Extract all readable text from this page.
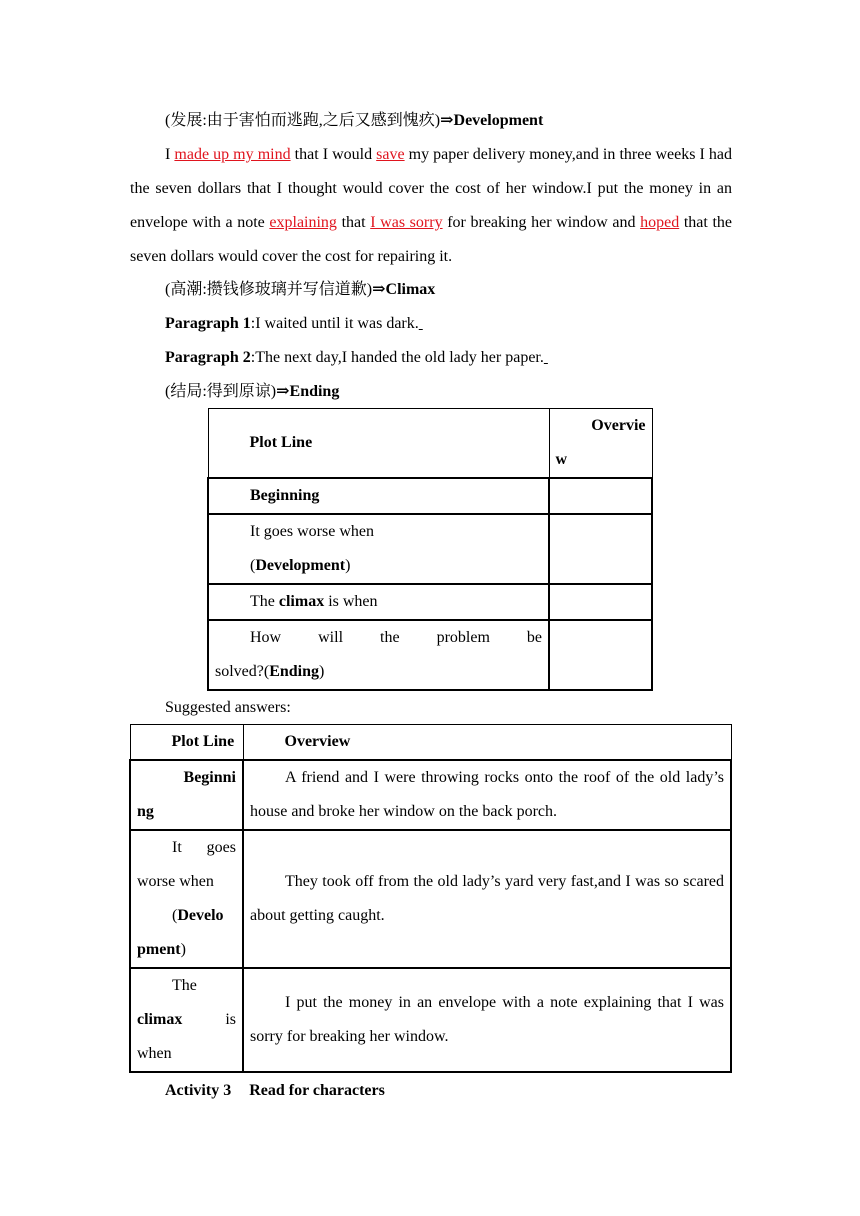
(发展:由于害怕而逃跑,之后又感到愧疚)⇒Development
I made up my mind that I would save my paper delivery money,and in three weeks I had the seven dollars that I thought would cover the cost of her window.I put the money in an envelope with a note explaining that I was sorry for breaking her window and hoped that the seven dollars would cover the cost for repairing it.
(高潮:攒钱修玻璃并写信道歉)⇒Climax
Paragraph 1:I waited until it was dark.
Paragraph 2:The next day,I handed the old lady her paper.
(结局:得到原谅)⇒Ending
Plot Line	Overvie
w

Beginning	

It goes worse when
(Development)	

The climax is when	

How will the problem be
solved?(Ending)	

Suggested answers:
Plot Line	Overview

Beginni
ng	A friend and I were throwing rocks onto the roof of the old lady’s house and broke her window on the back porch.

It goes
worse when
(Develo
pment)	They took off from the old lady’s yard very fast,and I was so scared about getting caught.

The
climax is
when	I put the money in an envelope with a note explaining that I was sorry for breaking her window.
Activity 3 Read for characters
